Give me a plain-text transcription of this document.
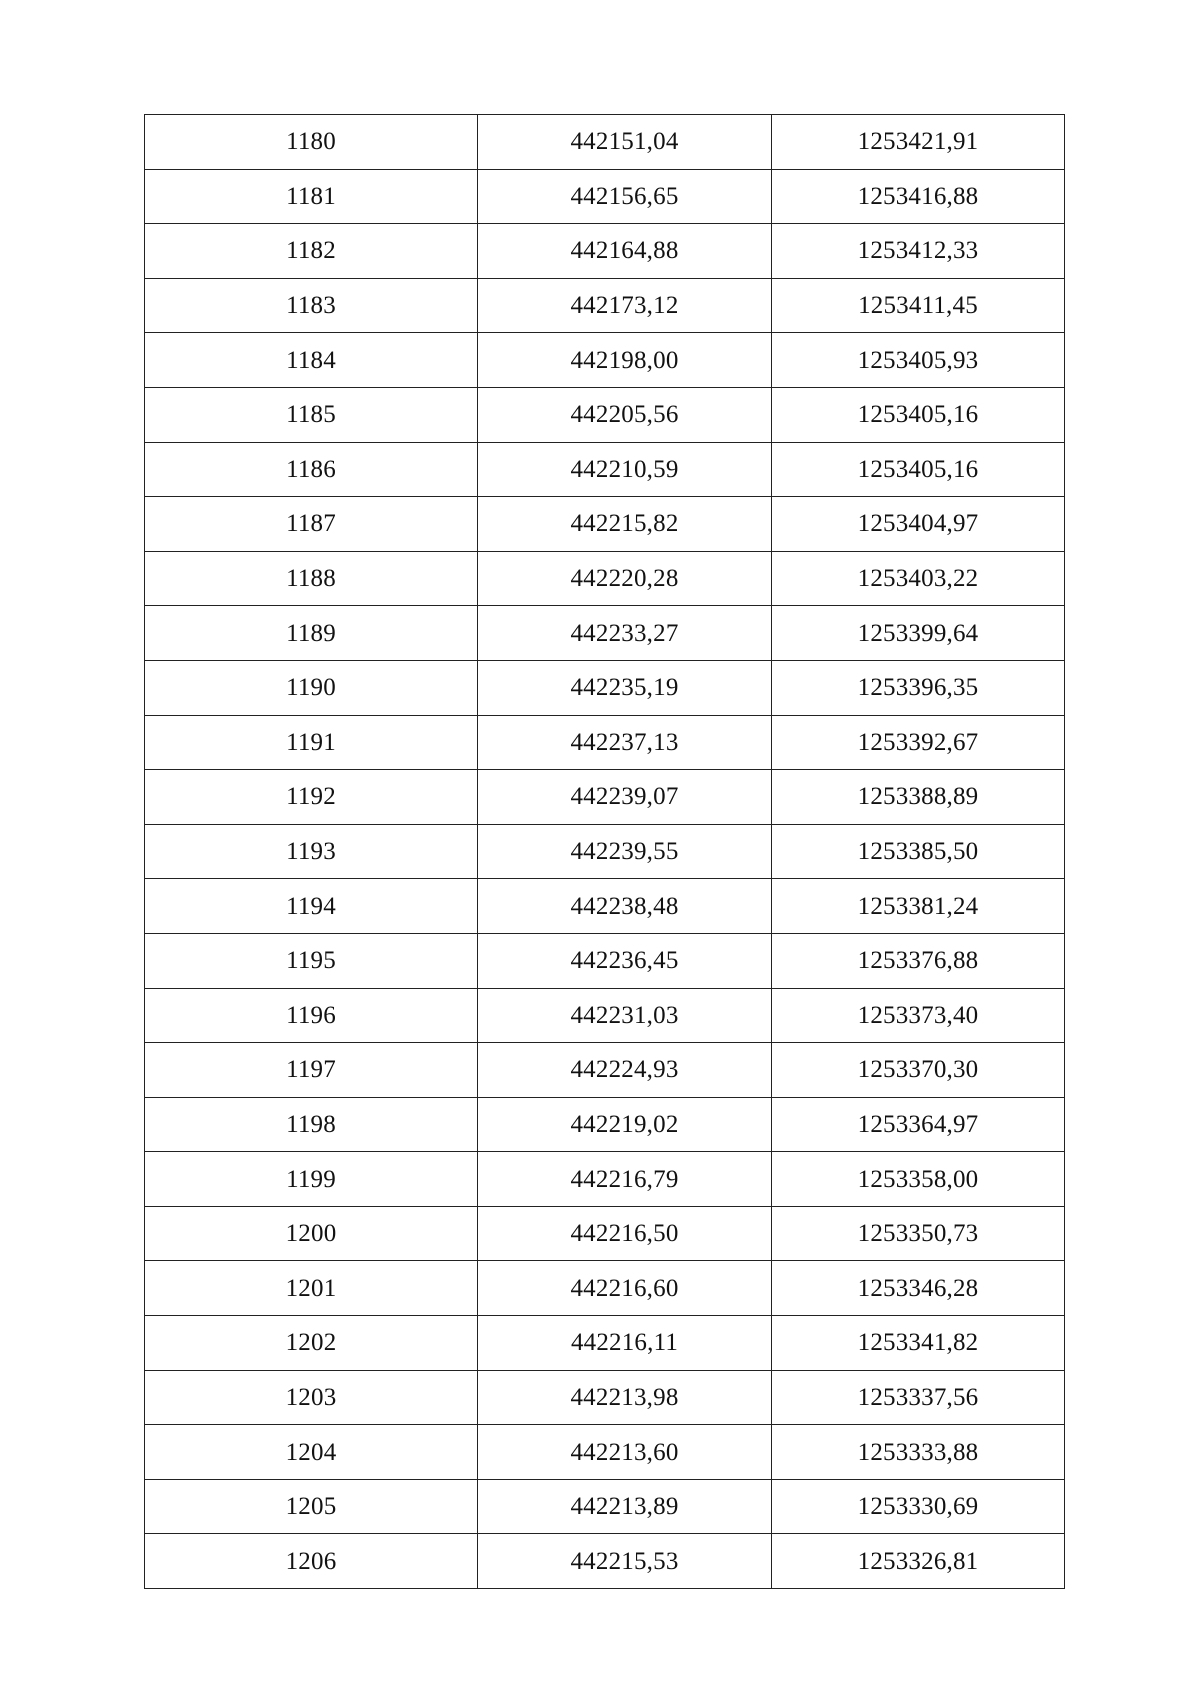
1180	442151,04	1253421,91
1181	442156,65	1253416,88
1182	442164,88	1253412,33
1183	442173,12	1253411,45
1184	442198,00	1253405,93
1185	442205,56	1253405,16
1186	442210,59	1253405,16
1187	442215,82	1253404,97
1188	442220,28	1253403,22
1189	442233,27	1253399,64
1190	442235,19	1253396,35
1191	442237,13	1253392,67
1192	442239,07	1253388,89
1193	442239,55	1253385,50
1194	442238,48	1253381,24
1195	442236,45	1253376,88
1196	442231,03	1253373,40
1197	442224,93	1253370,30
1198	442219,02	1253364,97
1199	442216,79	1253358,00
1200	442216,50	1253350,73
1201	442216,60	1253346,28
1202	442216,11	1253341,82
1203	442213,98	1253337,56
1204	442213,60	1253333,88
1205	442213,89	1253330,69
1206	442215,53	1253326,81
